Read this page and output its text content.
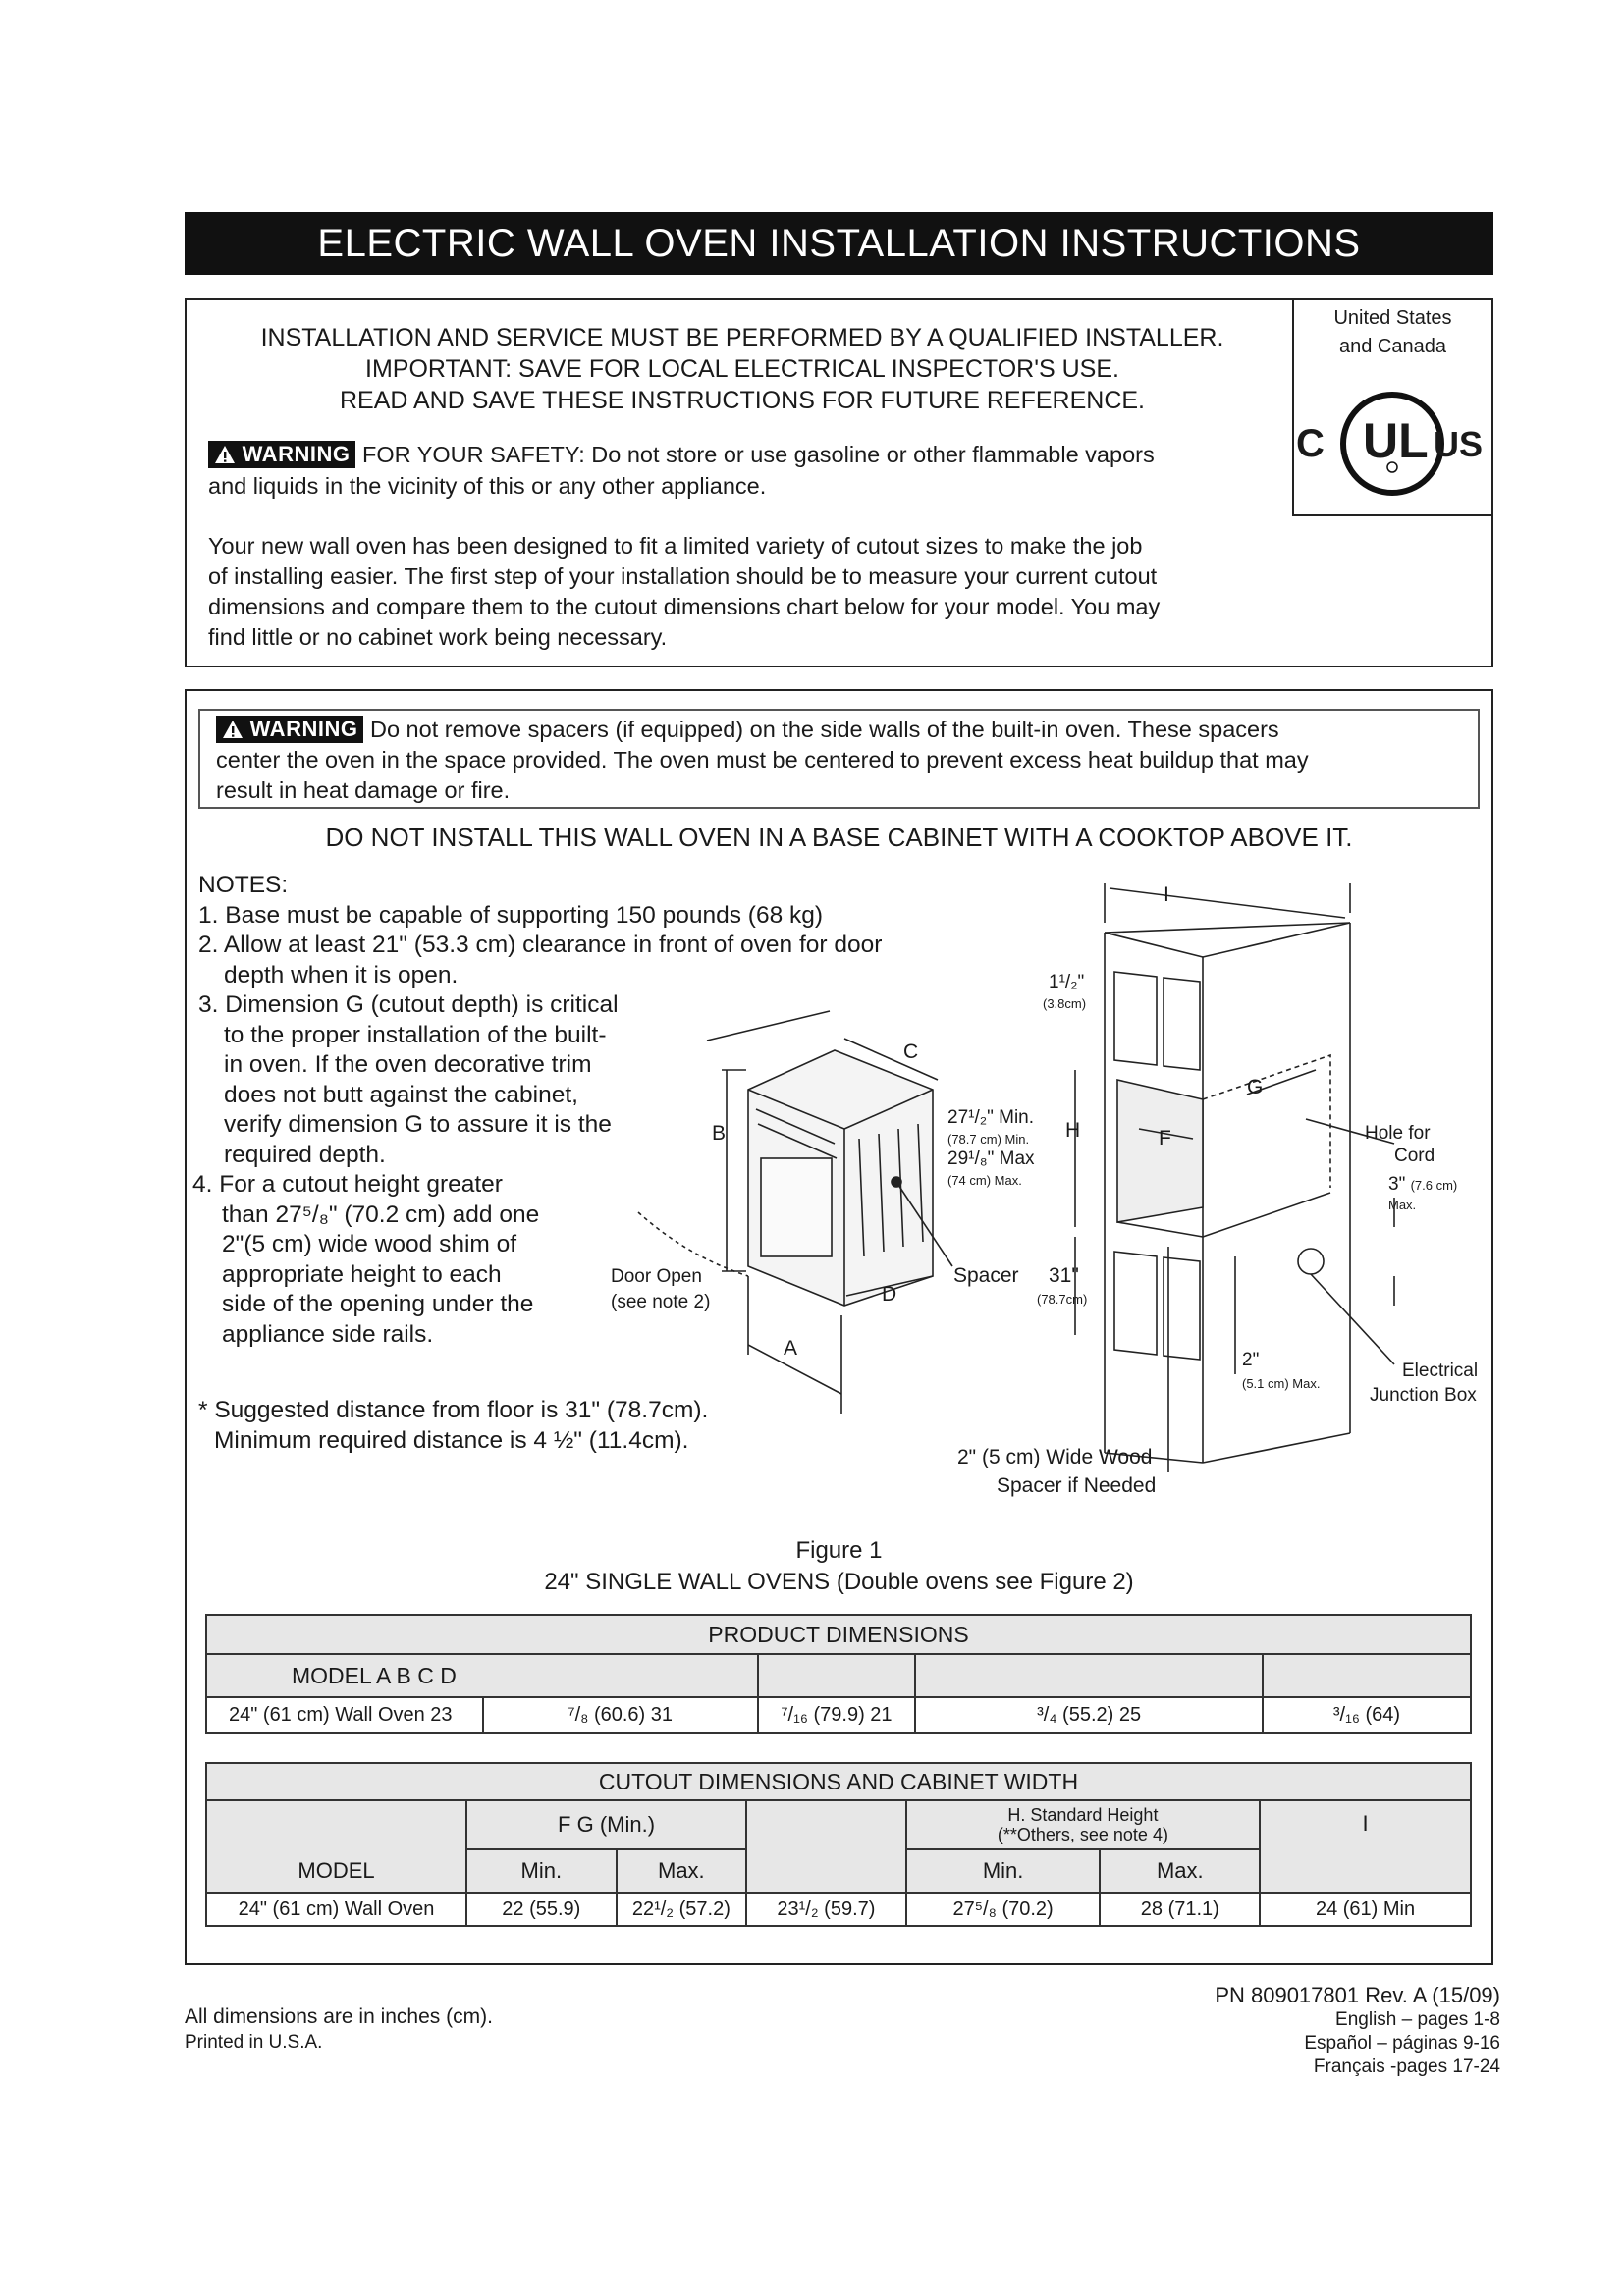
ELECTRIC WALL OVEN INSTALLATION INSTRUCTIONS
INSTALLATION AND SERVICE MUST BE PERFORMED BY A QUALIFIED INSTALLER.
IMPORTANT: SAVE FOR LOCAL ELECTRICAL INSPECTOR'S USE.
READ AND SAVE THESE INSTRUCTIONS FOR FUTURE REFERENCE.
WARNING FOR YOUR SAFETY: Do not store or use gasoline or other flammable vapors
and liquids in the vicinity of this or any other appliance.
Your new wall oven has been designed to fit a limited variety of cutout sizes to make the job
of installing easier. The first step of your installation should be to measure your current cutout
dimensions and compare them to the cutout dimensions chart below for your model. You may
find little or no cabinet work being necessary.
United States
and Canada
C UL US
WARNING Do not remove spacers (if equipped) on the side walls of the built-in oven. These spacers
center the oven in the space provided. The oven must be centered to prevent excess heat buildup that may
result in heat damage or fire.
DO NOT INSTALL THIS WALL OVEN IN A BASE CABINET WITH A COOKTOP ABOVE IT.
NOTES:
1. Base must be capable of supporting 150 pounds (68 kg)
2. Allow at least 21" (53.3 cm) clearance in front of oven for door
depth when it is open.
3. Dimension G (cutout depth) is critical
to the proper installation of the built-
in oven. If the oven decorative trim
does not butt against the cabinet,
verify dimension G to assure it is the
required depth.
4. For a cutout height greater
than 27⁵/₈" (70.2 cm) add one
2"(5 cm) wide wood shim of
appropriate height to each
side of the opening under the
appliance side rails.
* Suggested distance from floor is 31" (78.7cm).
Minimum required distance is 4 ½" (11.4cm).
C
B
D
A
I
G
F
H
1¹/₂"
(3.8cm)
27¹/₂" Min.
(78.7 cm) Min.
29¹/₈" Max
(74 cm) Max.
Door Open
(see note 2)
Spacer 31"
(78.7cm)
Hole for
Cord
3" (7.6 cm)
Max.
2"
(5.1 cm) Max.
Electrical
Junction Box
2" (5 cm) Wide Wood
Spacer if Needed
Figure 1
24" SINGLE WALL OVENS (Double ovens see Figure 2)
PRODUCT DIMENSIONS				
MODEL A B C D			
24" (61 cm) Wall Oven 23	⁷/₈ (60.6) 31	⁷/₁₆ (79.9) 21	³/₄ (55.2) 25	³/₁₆ (64)
CUTOUT DIMENSIONS AND CABINET WIDTH						
MODEL	F G (Min.)			H. Standard Height
(**Others, see note 4)		I
	Min.	Max.		Min.	Max.	
24" (61 cm) Wall Oven	22 (55.9)	22¹/₂ (57.2)	23¹/₂ (59.7)	27⁵/₈ (70.2)	28 (71.1)	24 (61) Min
All dimensions are in inches (cm).
Printed in U.S.A.
PN 809017801 Rev. A (15/09)
English – pages 1-8
Español – páginas 9-16
Français -pages 17-24
